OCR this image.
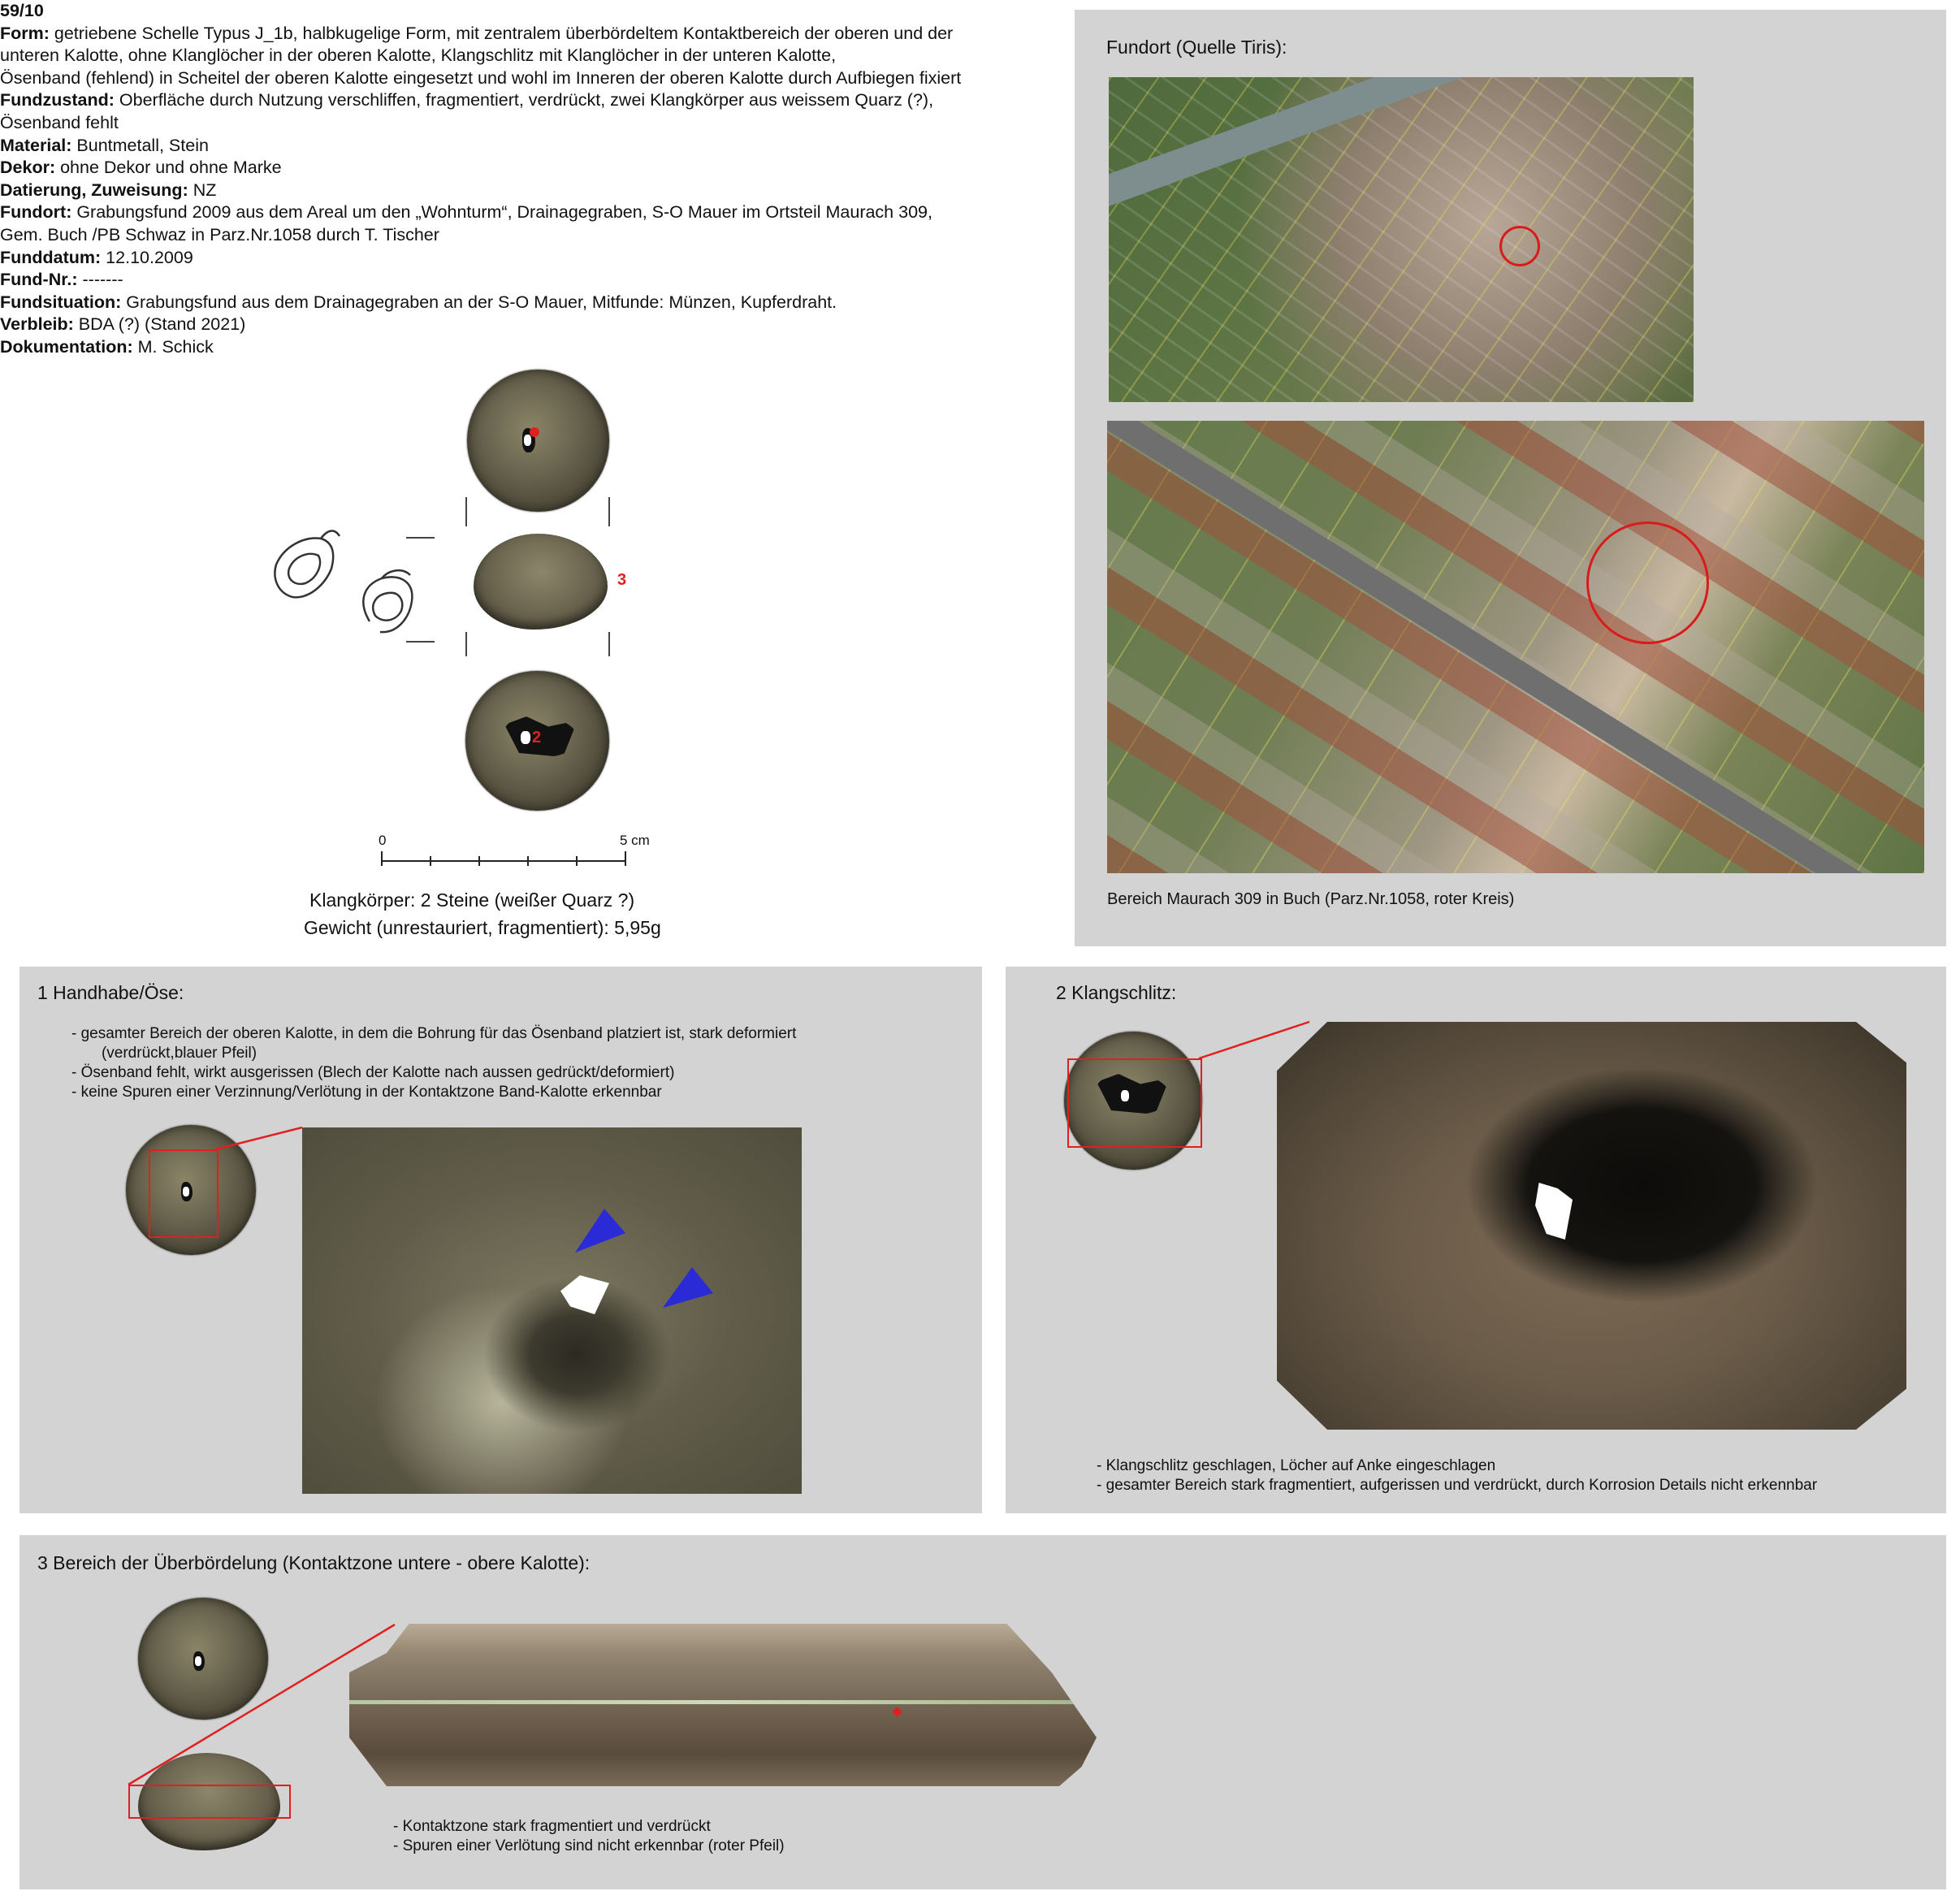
59/10
Form: getriebene Schelle Typus J_1b, halbkugelige Form, mit zentralem überbördeltem Kontaktbereich der oberen und der
unteren Kalotte, ohne Klanglöcher in der oberen Kalotte, Klangschlitz mit Klanglöcher in der unteren Kalotte,
Ösenband (fehlend) in Scheitel der oberen Kalotte eingesetzt und wohl im Inneren der oberen Kalotte durch Aufbiegen fixiert
Fundzustand: Oberfläche durch Nutzung verschliffen, fragmentiert, verdrückt, zwei Klangkörper aus weissem Quarz (?),
Ösenband fehlt
Material: Buntmetall, Stein
Dekor: ohne Dekor und ohne Marke
Datierung, Zuweisung: NZ
Fundort: Grabungsfund 2009 aus dem Areal um den „Wohnturm“, Drainagegraben, S-O Mauer im Ortsteil Maurach 309,
Gem. Buch /PB Schwaz in Parz.Nr.1058 durch T. Tischer
Funddatum: 12.10.2009
Fund-Nr.: -------
Fundsituation: Grabungsfund aus dem Drainagegraben an der S-O Mauer, Mitfunde: Münzen, Kupferdraht.
Verbleib: BDA (?) (Stand 2021)
Dokumentation: M. Schick
3
2
0	5 cm
Klangkörper: 2 Steine (weißer Quarz ?)
Gewicht (unrestauriert, fragmentiert): 5,95g
Fundort (Quelle Tiris):
Bereich Maurach 309 in Buch (Parz.Nr.1058, roter Kreis)
1 Handhabe/Öse:
- gesamter Bereich der oberen Kalotte, in dem die Bohrung für das Ösenband platziert ist, stark deformiert
(verdrückt,blauer Pfeil)
- Ösenband fehlt, wirkt ausgerissen (Blech der Kalotte nach aussen gedrückt/deformiert)
- keine Spuren einer Verzinnung/Verlötung in der Kontaktzone Band-Kalotte erkennbar
2 Klangschlitz:
- Klangschlitz geschlagen, Löcher auf Anke eingeschlagen
- gesamter Bereich stark fragmentiert, aufgerissen und verdrückt, durch Korrosion Details nicht erkennbar
3 Bereich der Überbördelung (Kontaktzone untere - obere Kalotte):
- Kontaktzone stark fragmentiert und verdrückt
- Spuren einer Verlötung sind nicht erkennbar (roter Pfeil)
